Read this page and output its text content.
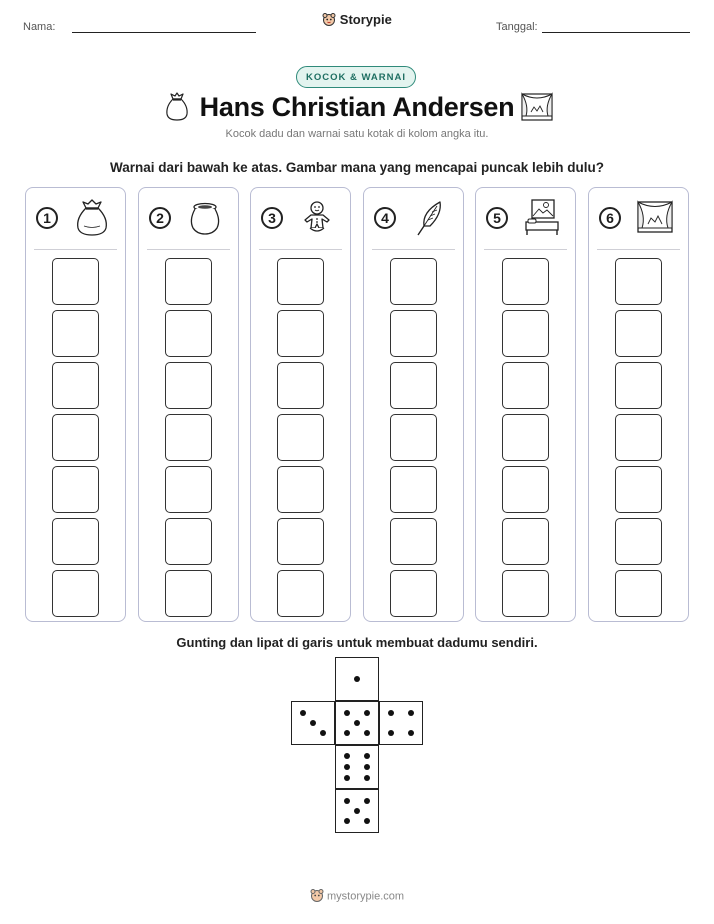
Nama:	Tanggal:
Storypie
KOCOK & WARNAI
Hans Christian Andersen
Kocok dadu dan warnai satu kotak di kolom angka itu.
Warnai dari bawah ke atas. Gambar mana yang mencapai puncak lebih dulu?
1	2	3	4	5	6
Gunting dan lipat di garis untuk membuat dadumu sendiri.
mystorypie.com
